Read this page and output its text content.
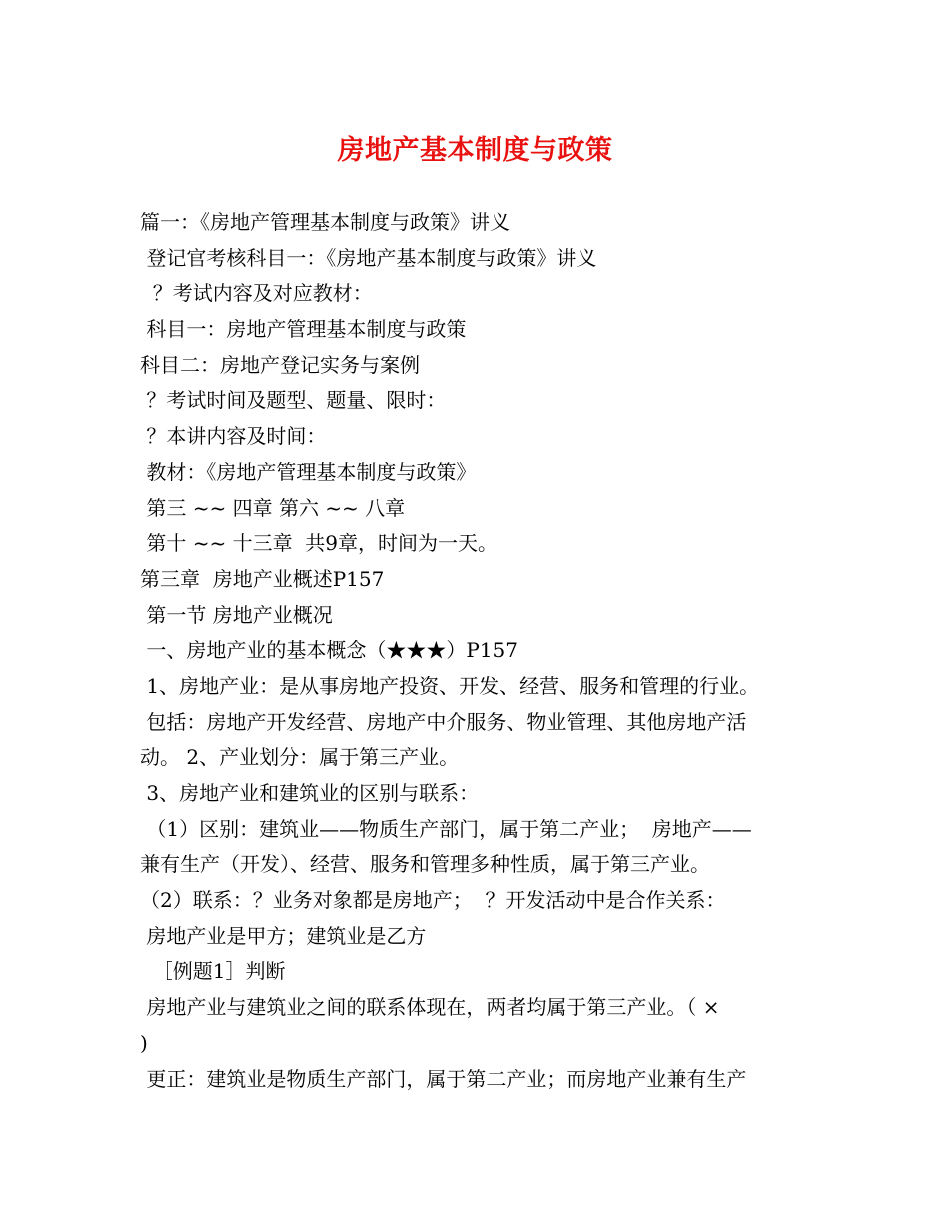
房地产基本制度与政策
篇一：《房地产管理基本制度与政策》讲义
登记官考核科目一：《房地产基本制度与政策》讲义
？考试内容及对应教材：
科目一：房地产管理基本制度与政策
科目二：房地产登记实务与案例
？考试时间及题型、题量、限时：
？本讲内容及时间：
教材：《房地产管理基本制度与政策》
第三 ~~ 四章 第六 ~~ 八章
第十 ~~ 十三章  共9章，时间为一天。
第三章  房地产业概述P157
第一节 房地产业概况
一、房地产业的基本概念（★★★）P157
1、房地产业：是从事房地产投资、开发、经营、服务和管理的行业。
包括：房地产开发经营、房地产中介服务、物业管理、其他房地产活
动。 2、产业划分：属于第三产业。
3、房地产业和建筑业的区别与联系：
（1）区别：建筑业——物质生产部门，属于第二产业；  房地产——
兼有生产（开发）、经营、服务和管理多种性质，属于第三产业。
（2）联系：？业务对象都是房地产；  ？开发活动中是合作关系：
房地产业是甲方；建筑业是乙方
［例题1］判断
房地产业与建筑业之间的联系体现在，两者均属于第三产业。（ ×
)
更正：建筑业是物质生产部门，属于第二产业；而房地产业兼有生产
